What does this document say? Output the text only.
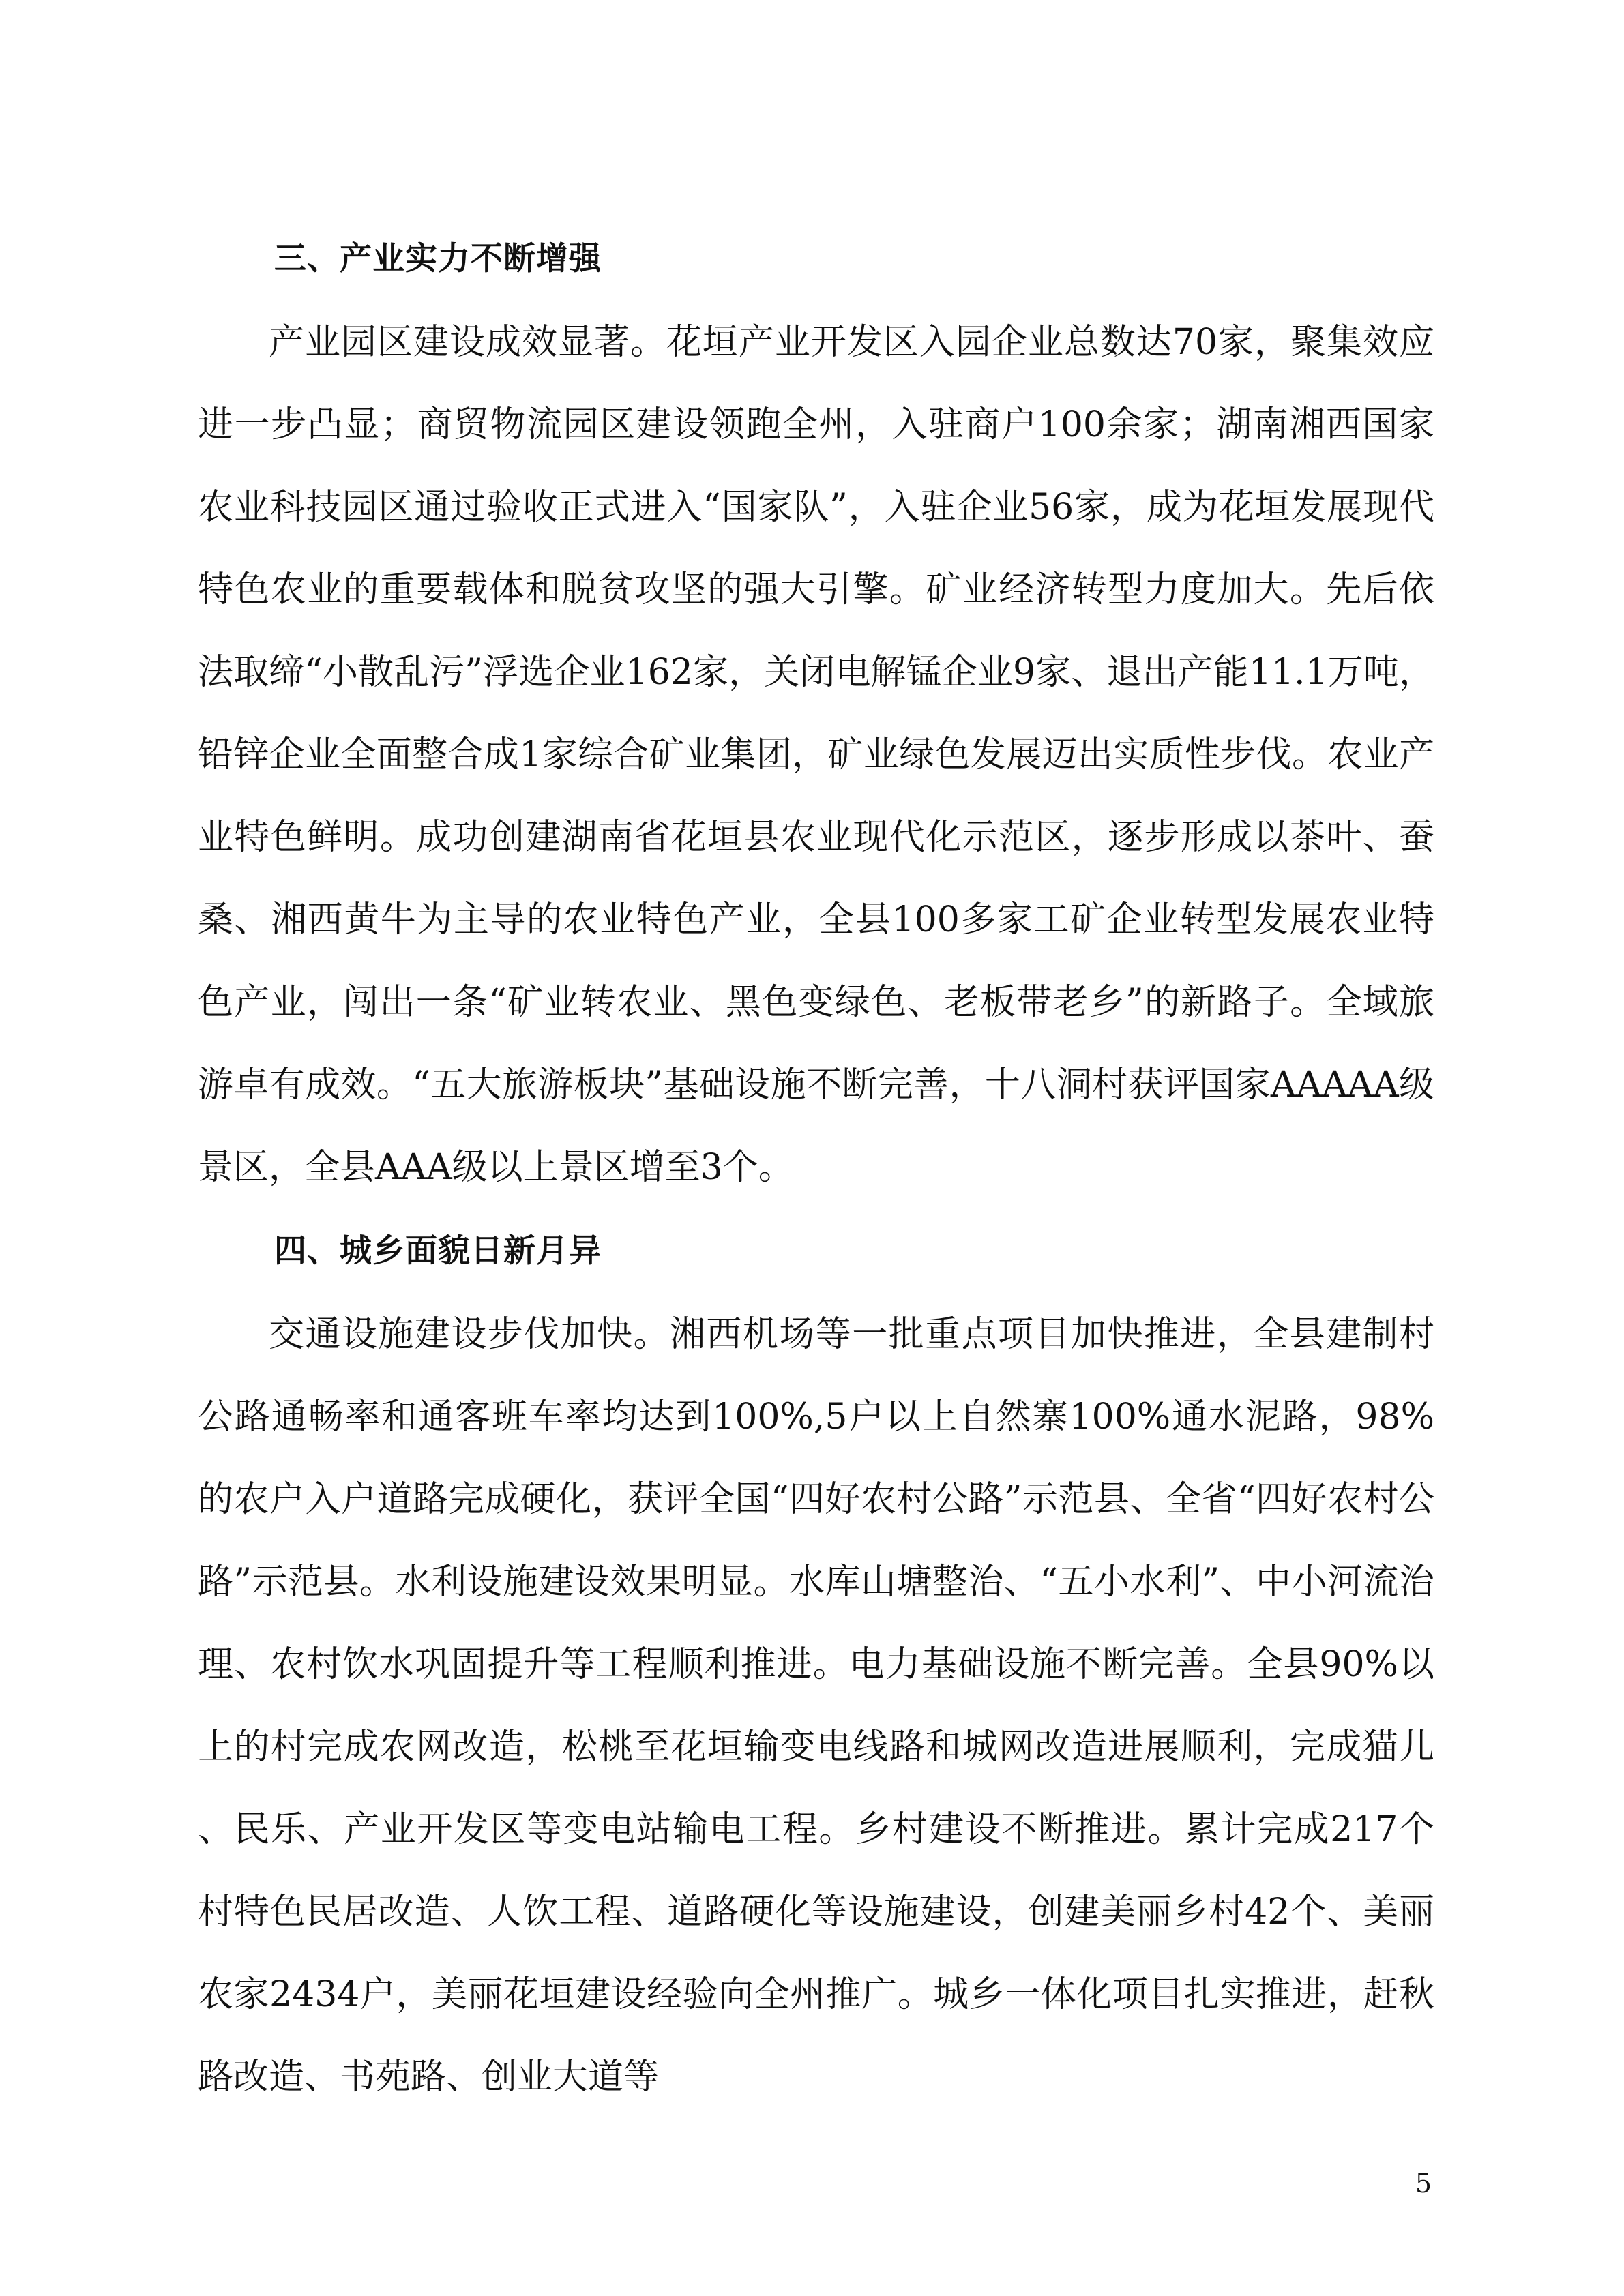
三、产业实力不断增强

产业园区建设成效显著。花垣产业开发区入园企业总数达70家，聚集效应进一步凸显；商贸物流园区建设领跑全州，入驻商户100余家；湖南湘西国家农业科技园区通过验收正式进入“国家队”，入驻企业56家，成为花垣发展现代特色农业的重要载体和脱贫攻坚的强大引擎。矿业经济转型力度加大。先后依法取缔“小散乱污”浮选企业162家，关闭电解锰企业9家、退出产能11.1万吨，铅锌企业全面整合成1家综合矿业集团，矿业绿色发展迈出实质性步伐。农业产业特色鲜明。成功创建湖南省花垣县农业现代化示范区，逐步形成以茶叶、蚕桑、湘西黄牛为主导的农业特色产业，全县100多家工矿企业转型发展农业特色产业，闯出一条“矿业转农业、黑色变绿色、老板带老乡”的新路子。全域旅游卓有成效。“五大旅游板块”基础设施不断完善，十八洞村获评国家AAAAA级景区，全县AAA级以上景区增至3个。

四、城乡面貌日新月异

交通设施建设步伐加快。湘西机场等一批重点项目加快推进，全县建制村公路通畅率和通客班车率均达到100%,5户以上自然寨100%通水泥路，98%的农户入户道路完成硬化，获评全国“四好农村公路”示范县、全省“四好农村公路”示范县。水利设施建设效果明显。水库山塘整治、“五小水利”、中小河流治理、农村饮水巩固提升等工程顺利推进。电力基础设施不断完善。全县90%以上的村完成农网改造，松桃至花垣输变电线路和城网改造进展顺利，完成猫儿、民乐、产业开发区等变电站输电工程。乡村建设不断推进。累计完成217个村特色民居改造、人饮工程、道路硬化等设施建设，创建美丽乡村42个、美丽农家2434户，美丽花垣建设经验向全州推广。城乡一体化项目扎实推进，赶秋路改造、书苑路、创业大道等

5
